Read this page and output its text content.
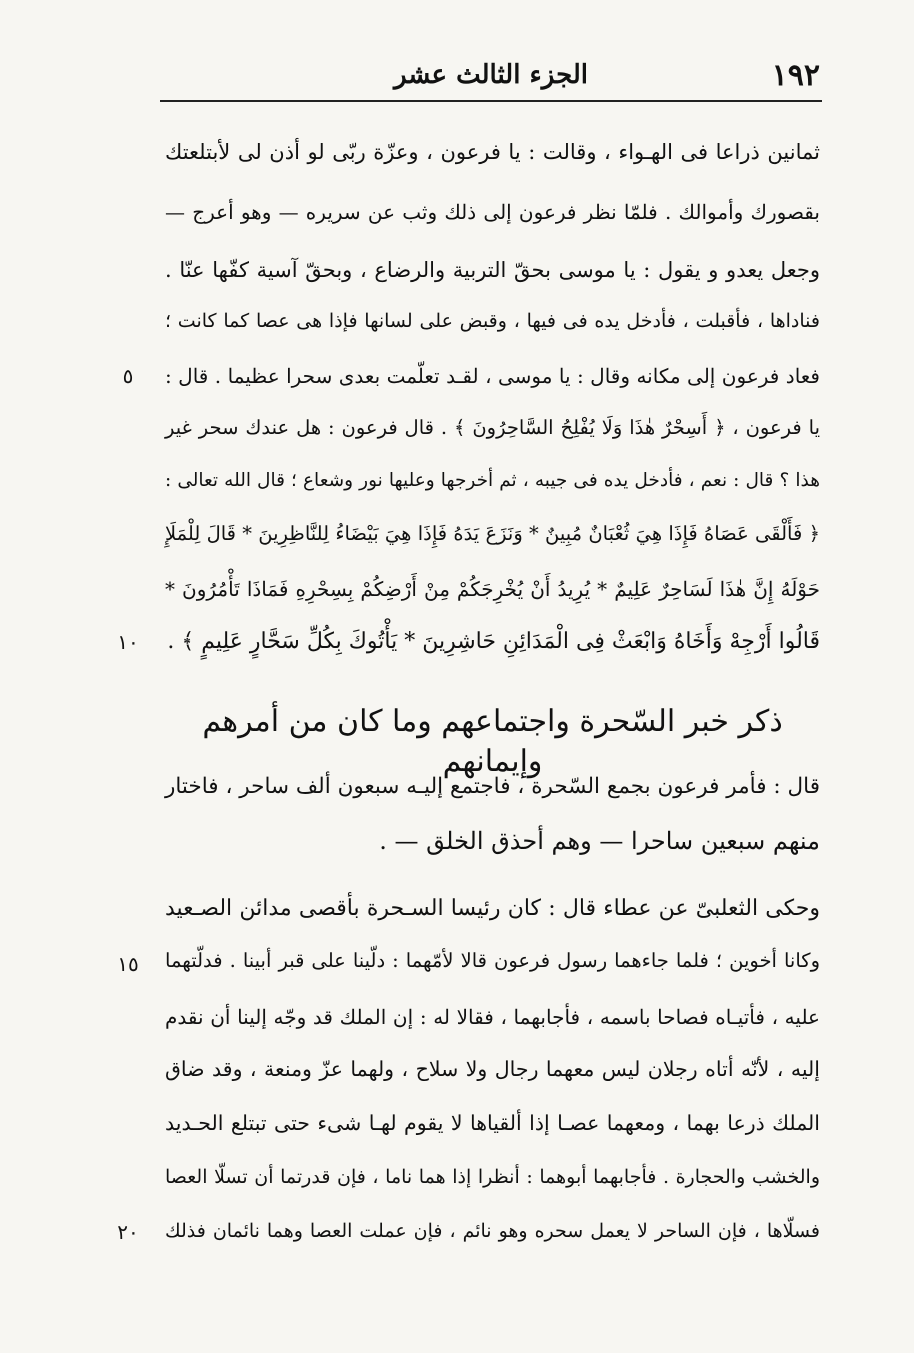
١٩٢
الجزء الثالث عشر
ثمانين ذراعا فى الهـواء ، وقالت : يا فرعون ، وعزّة ربّى لو أذن لى لأبتلعتك
بقصورك وأموالك . فلمّا نظر فرعون إلى ذلك وثب عن سريره — وهو أعرج —
وجعل يعدو و يقول : يا موسى بحقّ التربية والرضاع ، وبحقّ آسية كفّها عنّا .
فناداها ، فأقبلت ، فأدخل يده فى فيها ، وقبض على لسانها فإذا هى عصا كما كانت ؛
فعاد فرعون إلى مكانه وقال : يا موسى ، لقـد تعلّمت بعدى سحرا عظيما . قال :
يا فرعون ، ﴿ أَسِحْرٌ هٰذَا وَلَا يُفْلِحُ السَّاحِرُونَ ﴾ . قال فرعون : هل عندك سحر غير
هذا ؟ قال : نعم ، فأدخل يده فى جيبه ، ثم أخرجها وعليها نور وشعاع ؛ قال الله تعالى :
﴿ فَأَلْقَى عَصَاهُ فَإِذَا هِيَ ثُعْبَانٌ مُبِينٌ * وَنَزَعَ يَدَهُ فَإِذَا هِيَ بَيْضَاءُ لِلنَّاظِرِينَ * قَالَ لِلْمَلَإِ
حَوْلَهُ إِنَّ هٰذَا لَسَاحِرٌ عَلِيمٌ * يُرِيدُ أَنْ يُخْرِجَكُمْ مِنْ أَرْضِكُمْ بِسِحْرِهِ فَمَاذَا تَأْمُرُونَ *
قَالُوا أَرْجِهْ وَأَخَاهُ وَابْعَثْ فِى الْمَدَائِنِ حَاشِرِينَ * يَأْتُوكَ بِكُلِّ سَحَّارٍ عَلِيمٍ ﴾ .
ذكر خبر السّحرة واجتماعهم وما كان من أمرهم وإيمانهم
قال : فأمر فرعون بجمع السّحرة ، فاجتمع إليـه سبعون ألف ساحر ، فاختار
منهم سبعين ساحرا — وهم أحذق الخلق — .
وحكى الثعلبىّ عن عطاء قال : كان رئيسا السـحرة بأقصى مدائن الصـعيد
وكانا أخوين ؛ فلما جاءهما رسول فرعون قالا لأمّهما : دلّينا على قبر أبينا . فدلّتهما
عليه ، فأتيـاه فصاحا باسمه ، فأجابهما ، فقالا له : إن الملك قد وجّه إلينا أن نقدم
إليه ، لأنّه أتاه رجلان ليس معهما رجال ولا سلاح ، ولهما عزّ ومنعة ، وقد ضاق
الملك ذرعا بهما ، ومعهما عصـا إذا ألقياها لا يقوم لهـا شىء حتى تبتلع الحـديد
والخشب والحجارة . فأجابهما أبوهما : أنظرا إذا هما ناما ، فإن قدرتما أن تسلّا العصا
فسلّاها ، فإن الساحر لا يعمل سحره وهو نائم ، فإن عملت العصا وهما نائمان فذلك
٥
١٠
١٥
٢٠
